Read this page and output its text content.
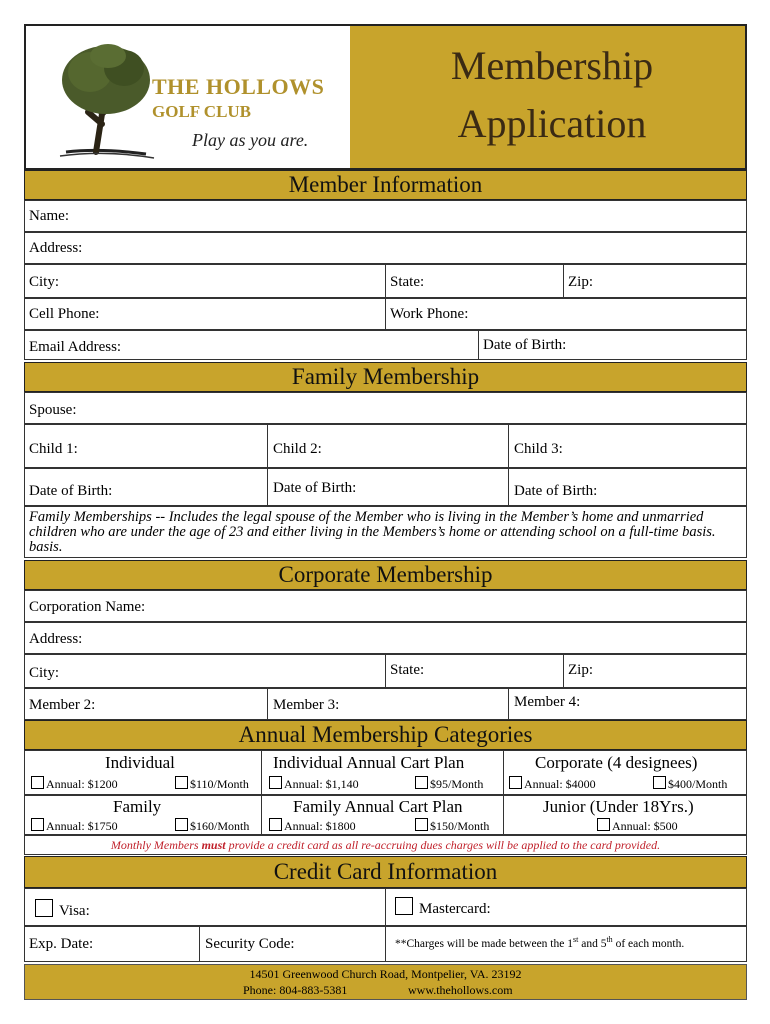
THE HOLLOWS
GOLF CLUB
Play as you are.
Membership
Application
Member Information
Name:
Address:
City:	State:	Zip:
Cell Phone:	Work Phone:
Email Address:	Date of Birth:
Family Membership
Spouse:
Child 1:	Child 2:	Child 3:
Date of Birth:	Date of Birth:	Date of Birth:
Family Memberships -- Includes the legal spouse of the Member who is living in the Member’s home and unmarried children who are under the age of 23 and either living in the Members’s home or attending school on a full-time basis. basis.
Corporate Membership
Corporation Name:
Address:
City:	State:	Zip:
Member 2:	Member 3:	Member 4:
Annual Membership Categories
Individual
Annual: $1200	$110/Month
Individual Annual Cart Plan
Annual: $1,140	$95/Month
Corporate (4 designees)
Annual: $4000	$400/Month
Family
Annual: $1750	$160/Month
Family Annual Cart Plan
Annual: $1800	$150/Month
Junior (Under 18Yrs.)
Annual: $500
Monthly Members must provide a credit card as all re-accruing dues charges will be applied to the card provided.
Credit Card Information
Visa:	Mastercard:
Exp. Date:	Security Code:	**Charges will be made between the 1st and 5th of each month.
14501 Greenwood Church Road, Montpelier, VA. 23192
Phone: 804-883-5381	www.thehollows.com
